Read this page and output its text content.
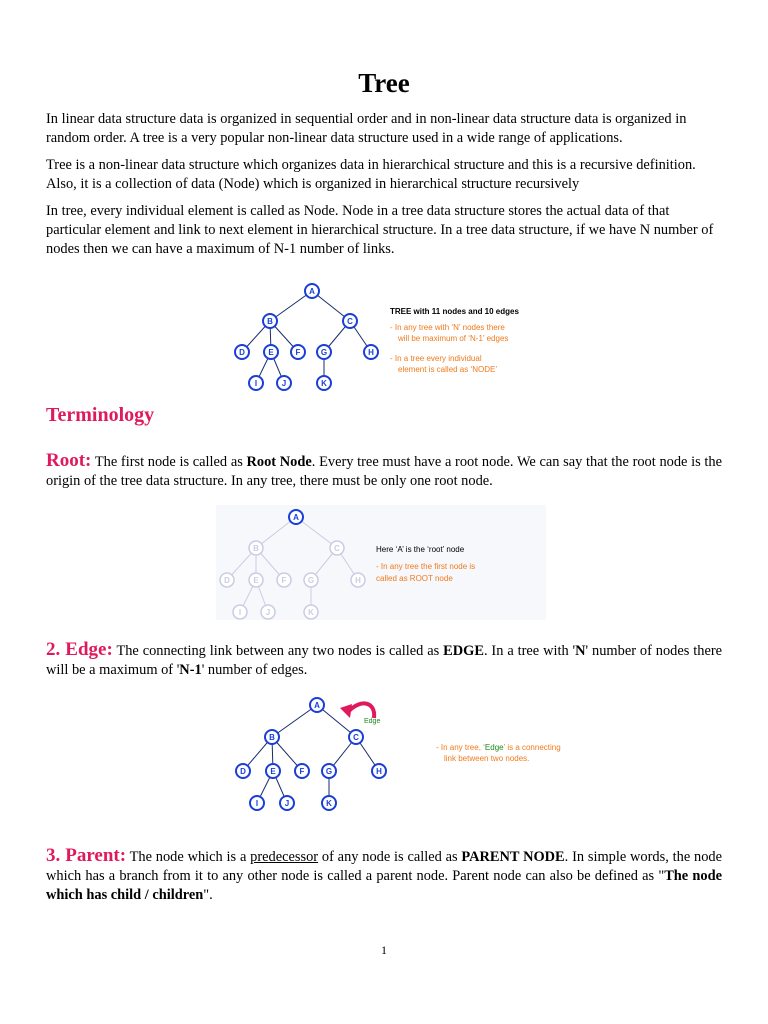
Tree

In linear data structure data is organized in sequential order and in non-linear data structure data is organized in random order. A tree is a very popular non-linear data structure used in a wide range of applications.

Tree is a non-linear data structure which organizes data in hierarchical structure and this is a recursive definition. Also, it is a collection of data (Node) which is organized in hierarchical structure recursively

In tree, every individual element is called as Node. Node in a tree data structure stores the actual data of that particular element and link to next element in hierarchical structure. In a tree data structure, if we have N number of nodes then we can have a maximum of N-1 number of links.

A
B	C
D	E	F	G	H
I	J	K
TREE with 11 nodes and 10 edges
- In any tree with ‘N’ nodes there
will be maximum of ‘N-1’ edges
- In a tree every individual
element is called as ‘NODE’
Terminology

Root: The first node is called as Root Node. Every tree must have a root node. We can say that the root node is the origin of the tree data structure. In any tree, there must be only one root node.

A
B	C
D	E	F	G	H
I	J	K
Here ‘A’ is the ‘root’ node
- In any tree the first node is
called as ROOT node

2. Edge: The connecting link between any two nodes is called as EDGE. In a tree with 'N' number of nodes there will be a maximum of 'N-1' number of edges.

Edge
A
B	C
D	E	F	G	H
I	J	K
- In any tree, ‘Edge’ is a connecting
link between two nodes.

3. Parent: The node which is a predecessor of any node is called as PARENT NODE. In simple words, the node which has a branch from it to any other node is called a parent node. Parent node can also be defined as "The node which has child / children".

1
